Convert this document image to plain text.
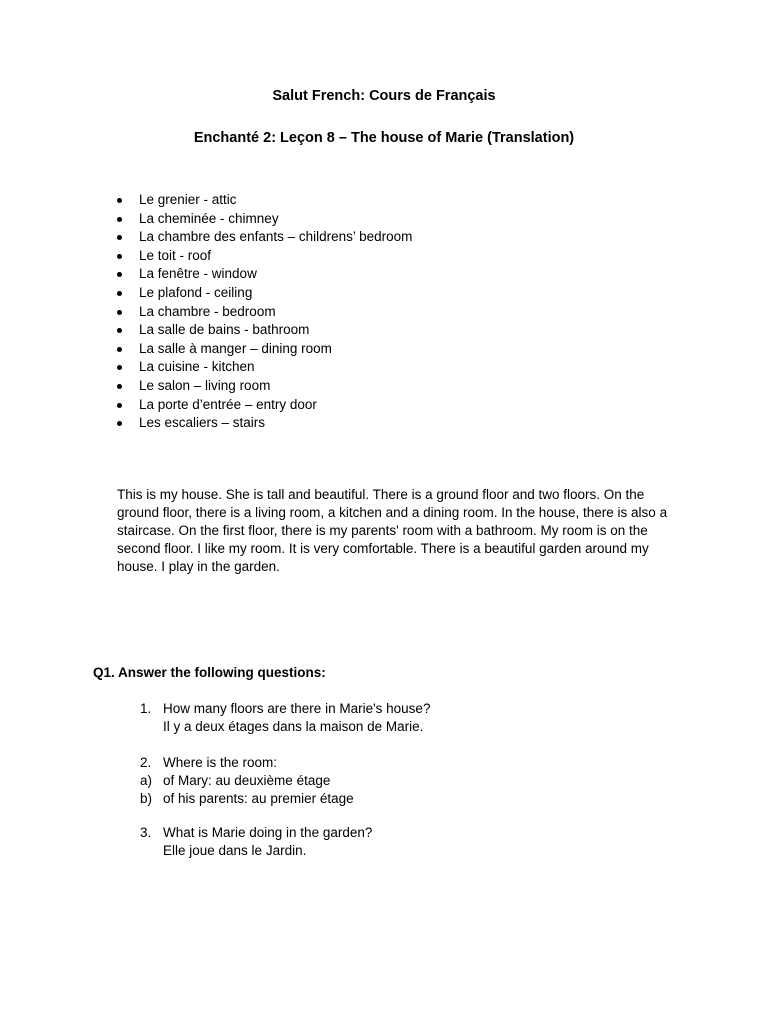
Salut French: Cours de Français
Enchanté 2: Leçon 8 – The house of Marie (Translation)
Le grenier - attic
La cheminée - chimney
La chambre des enfants – childrens’ bedroom
Le toit - roof
La fenêtre - window
Le plafond - ceiling
La chambre - bedroom
La salle de bains - bathroom
La salle à manger – dining room
La cuisine - kitchen
Le salon – living room
La porte d’entrée – entry door
Les escaliers – stairs

This is my house. She is tall and beautiful. There is a ground floor and two floors. On the ground floor, there is a living room, a kitchen and a dining room. In the house, there is also a staircase. On the first floor, there is my parents' room with a bathroom. My room is on the second floor. I like my room. It is very comfortable. There is a beautiful garden around my house. I play in the garden.

Q1. Answer the following questions:

1. How many floors are there in Marie's house?
Il y a deux étages dans la maison de Marie.
2. Where is the room:
a) of Mary: au deuxième étage
b) of his parents: au premier étage
3. What is Marie doing in the garden?
Elle joue dans le Jardin.
